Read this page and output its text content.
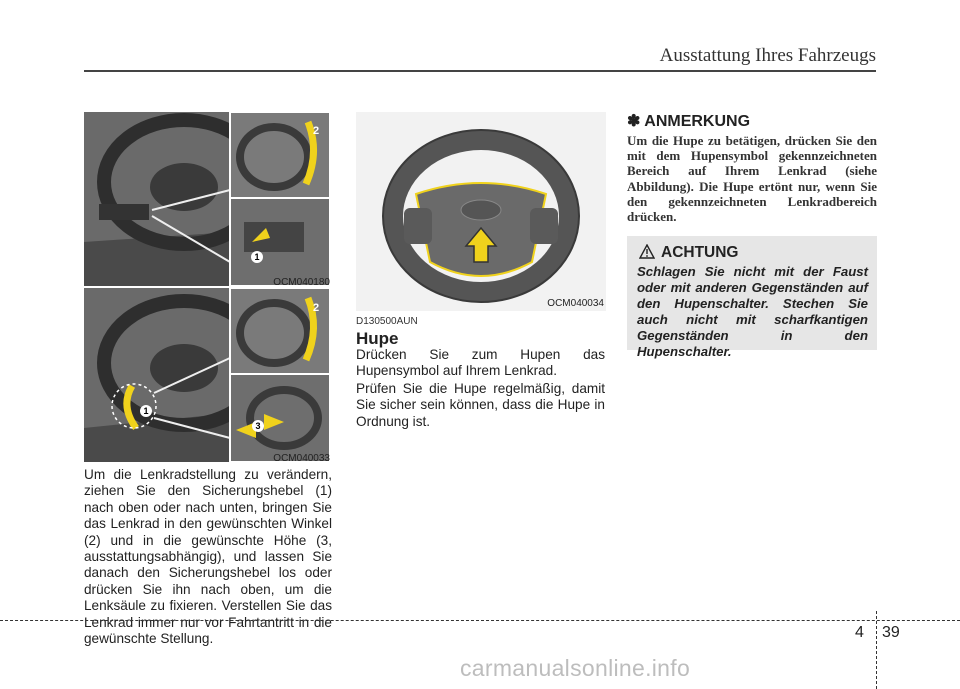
Ausstattung Ihres Fahrzeugs
2
1
OCM040180
2
1
3
OCM040033
Um die Lenkradstellung zu verändern, ziehen Sie den Sicherungshebel (1) nach oben oder nach unten, bringen Sie das Lenkrad in den gewünschten Winkel (2) und in die gewünschte Höhe (3, ausstattungsabhängig), und lassen Sie danach den Sicherungshebel los oder drücken Sie ihn nach oben, um die Lenksäule zu fixieren. Verstellen Sie das Lenkrad immer nur vor Fahrtantritt in die gewünschte Stellung.
OCM040034
D130500AUN
Hupe
Drücken Sie zum Hupen das Hupensymbol auf Ihrem Lenkrad.
Prüfen Sie die Hupe regelmäßig, damit Sie sicher sein können, dass die Hupe in Ordnung ist.
✽ ANMERKUNG
Um die Hupe zu betätigen, drücken Sie den mit dem Hupensymbol gekennzeichneten Bereich auf Ihrem Lenkrad (siehe Abbildung). Die Hupe ertönt nur, wenn Sie den gekennzeichneten Lenkradbereich drücken.
ACHTUNG
Schlagen Sie nicht mit der Faust oder mit anderen Gegenständen auf den Hupenschalter. Stechen Sie auch nicht mit scharfkantigen Gegenständen in den Hupenschalter.
4 39
carmanualsonline.info
